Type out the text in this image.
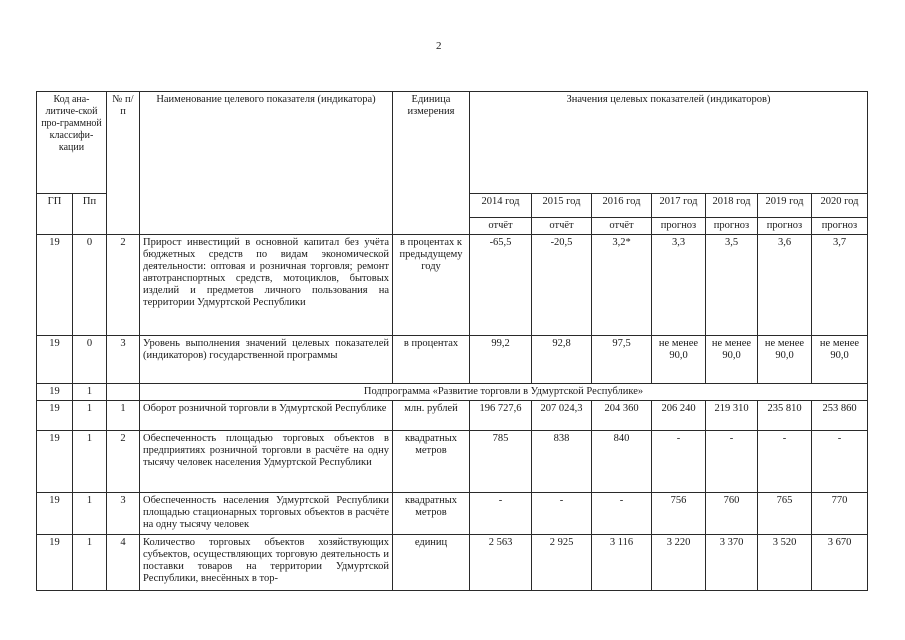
2
Код ана-литиче-ской про-граммной классифи-кации		№ п/п	Наименование целевого показателя (индикатора)	Единица измерения	Значения целевых показателей (индикаторов)						
ГП	Пп				2014 год	2015 год	2016 год	2017 год	2018 год	2019 год	2020 год
					отчёт	отчёт	отчёт	прогноз	прогноз	прогноз	прогноз
19	0	2	Прирост инвестиций в основной капитал без учёта бюджетных средств по видам экономической деятельности: оптовая и розничная торговля; ремонт автотранспортных средств, мотоциклов, бытовых изделий и предметов личного пользования на территории Удмуртской Республики	в процентах к предыдущему году	-65,5	-20,5	3,2*	3,3	3,5	3,6	3,7
19	0	3	Уровень выполнения значений целевых показателей (индикаторов) государственной программы	в процентах	99,2	92,8	97,5	не менее 90,0	не менее 90,0	не менее 90,0	не менее 90,0
19	1		Подпрограмма «Развитие торговли в Удмуртской Республике»								
19	1	1	Оборот розничной торговли в Удмуртской Республике	млн. рублей	196 727,6	207 024,3	204 360	206 240	219 310	235 810	253 860
19	1	2	Обеспеченность площадью торговых объектов в предприятиях розничной торговли в расчёте на одну тысячу человек населения Удмуртской Республики	квадратных метров	785	838	840	-	-	-	-
19	1	3	Обеспеченность населения Удмуртской Республики площадью стационарных торговых объектов в расчёте на одну тысячу человек	квадратных метров	-	-	-	756	760	765	770
19	1	4	Количество торговых объектов хозяйствующих субъектов, осуществляющих торговую деятельность и поставки товаров на территории Удмуртской Республики, внесённых в тор-	единиц	2 563	2 925	3 116	3 220	3 370	3 520	3 670
